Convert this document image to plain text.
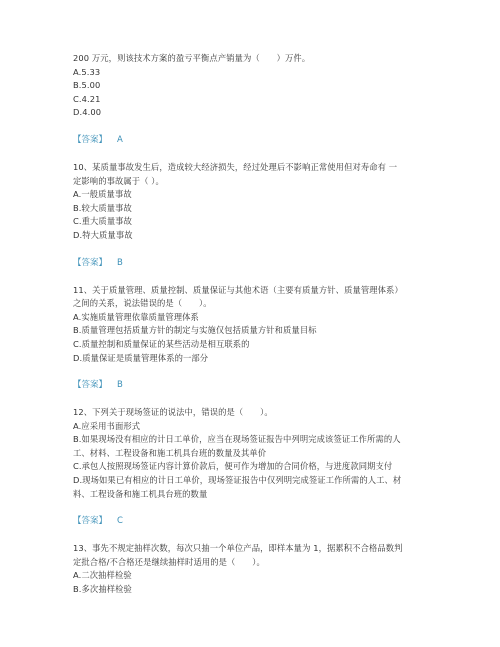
200 万元，则该技术方案的盈亏平衡点产销量为（　　）万件。
A.5.33
B.5.00
C.4.21
D.4.00
【答案】 A
10、某质量事故发生后，造成较大经济损失，经过处理后不影响正常使用但对寿命有 一
定影响的事故属于（ ）。
A.一般质量事故
B.较大质量事故
C.重大质量事故
D.特大质量事故
【答案】 B
11、关于质量管理、质量控制、质量保证与其他术语（主要有质量方针、质量管理体系）
之间的关系，说法错误的是（　　）。
A.实施质量管理依靠质量管理体系
B.质量管理包括质量方针的制定与实施仅包括质量方针和质量目标
C.质量控制和质量保证的某些活动是相互联系的
D.质量保证是质量管理体系的一部分
【答案】 B
12、下列关于现场签证的说法中，错误的是（　　）。
A.应采用书面形式
B.如果现场没有相应的计日工单价，应当在现场签证报告中列明完成该签证工作所需的人
工、材料、工程设备和施工机具台班的数量及其单价
C.承包人按照现场签证内容计算价款后，便可作为增加的合同价格，与进度款同期支付
D.现场如果已有相应的计日工单价，现场签证报告中仅列明完成签证工作所需的人工、材
料、工程设备和施工机具台班的数量
【答案】 C
13、事先不规定抽样次数，每次只抽一个单位产品，即样本量为 1，据累积不合格品数判
定批合格/不合格还是继续抽样时适用的是（　　）。
A.二次抽样检验
B.多次抽样检验
